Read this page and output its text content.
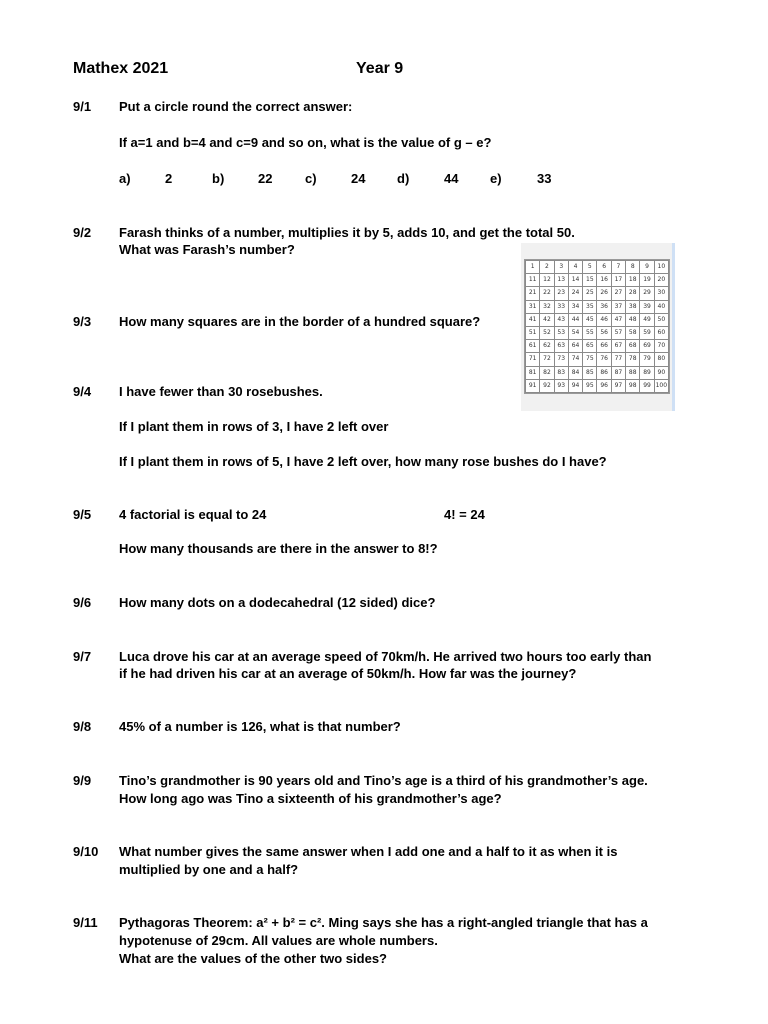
Mathex 2021	Year 9
9/1 Put a circle round the correct answer:
If a=1 and b=4 and c=9 and so on, what is the value of g – e?
a)	2	b)	22	c)	24 d)	44 e)	33
9/2 Farash thinks of a number, multiplies it by 5, adds 10, and get the total 50.
What was Farash’s number?
1	2	3	4	5	6	7	8	9	10
11	12	13	14	15	16	17	18	19	20
21	22	23	24	25	26	27	28	29	30
31	32	33	34	35	36	37	38	39	40
41	42	43	44	45	46	47	48	49	50
51	52	53	54	55	56	57	58	59	60
61	62	63	64	65	66	67	68	69	70
71	72	73	74	75	76	77	78	79	80
81	82	83	84	85	86	87	88	89	90
91	92	93	94	95	96	97	98	99	100
9/3 How many squares are in the border of a hundred square?
9/4 I have fewer than 30 rosebushes.
If I plant them in rows of 3, I have 2 left over
If I plant them in rows of 5, I have 2 left over, how many rose bushes do I have?
9/5 4 factorial is equal to 24	4! = 24
How many thousands are there in the answer to 8!?
9/6 How many dots on a dodecahedral (12 sided) dice?
9/7 Luca drove his car at an average speed of 70km/h. He arrived two hours too early than
if he had driven his car at an average of 50km/h. How far was the journey?
9/8 45% of a number is 126, what is that number?
9/9 Tino’s grandmother is 90 years old and Tino’s age is a third of his grandmother’s age.
How long ago was Tino a sixteenth of his grandmother’s age?
9/10 What number gives the same answer when I add one and a half to it as when it is
multiplied by one and a half?
9/11 Pythagoras Theorem: a² + b² = c². Ming says she has a right-angled triangle that has a
hypotenuse of 29cm. All values are whole numbers.
What are the values of the other two sides?
